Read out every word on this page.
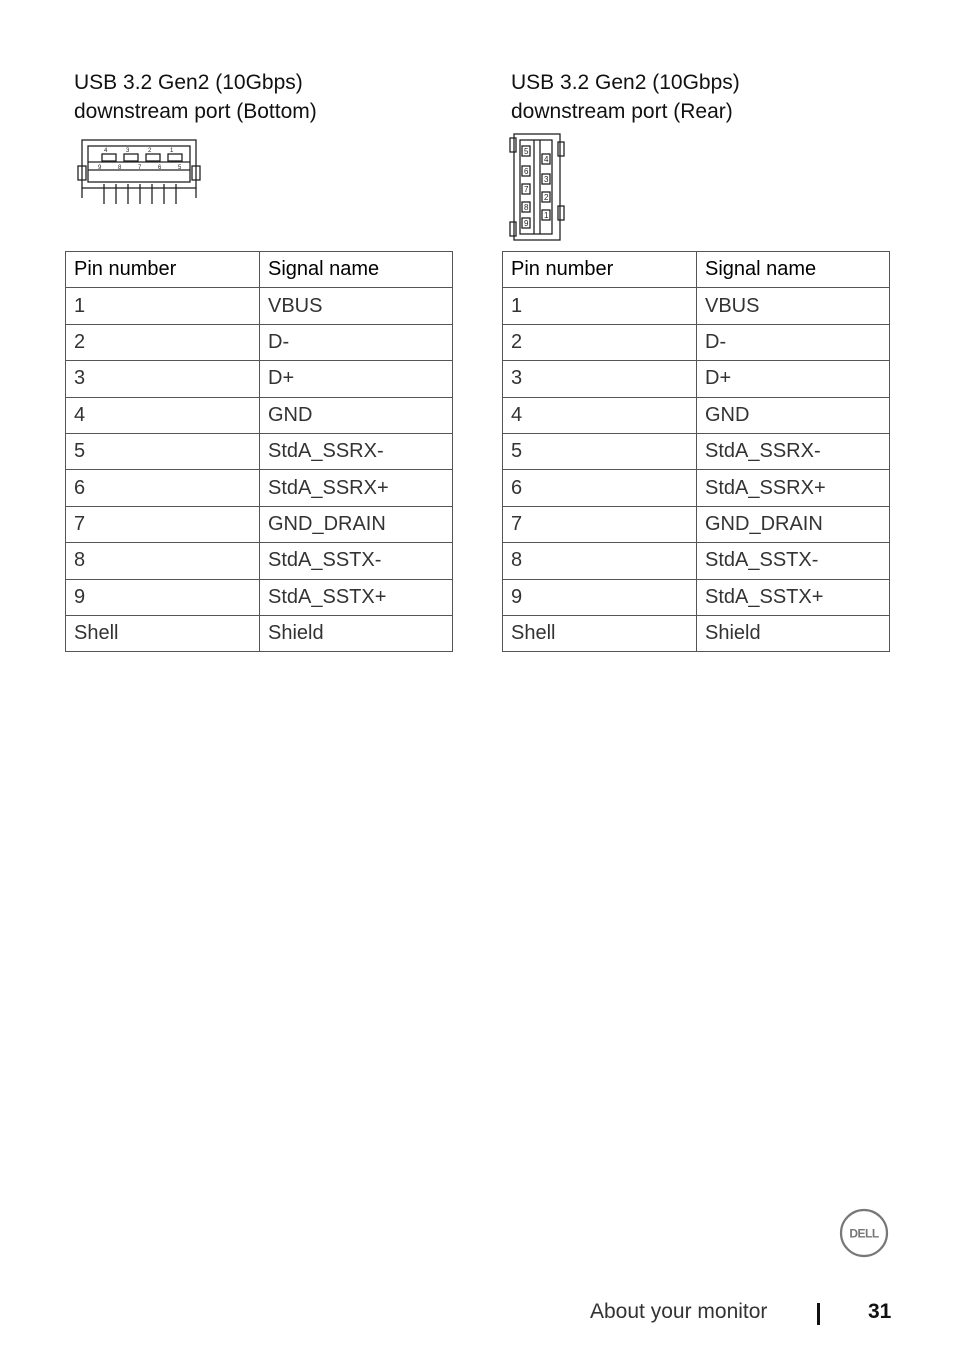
USB 3.2 Gen2 (10Gbps)
downstream port (Bottom)
USB 3.2 Gen2 (10Gbps)
downstream port (Rear)
4	3	2	1
9	8	7	6	5
5
4
6
3
7
2
8
1
9
Pin number	Signal name
1	VBUS
2	D-
3	D+
4	GND
5	StdA_SSRX-
6	StdA_SSRX+
7	GND_DRAIN
8	StdA_SSTX-
9	StdA_SSTX+
Shell	Shield
Pin number	Signal name
1	VBUS
2	D-
3	D+
4	GND
5	StdA_SSRX-
6	StdA_SSRX+
7	GND_DRAIN
8	StdA_SSTX-
9	StdA_SSTX+
Shell	Shield
DELL
About your monitor	31
